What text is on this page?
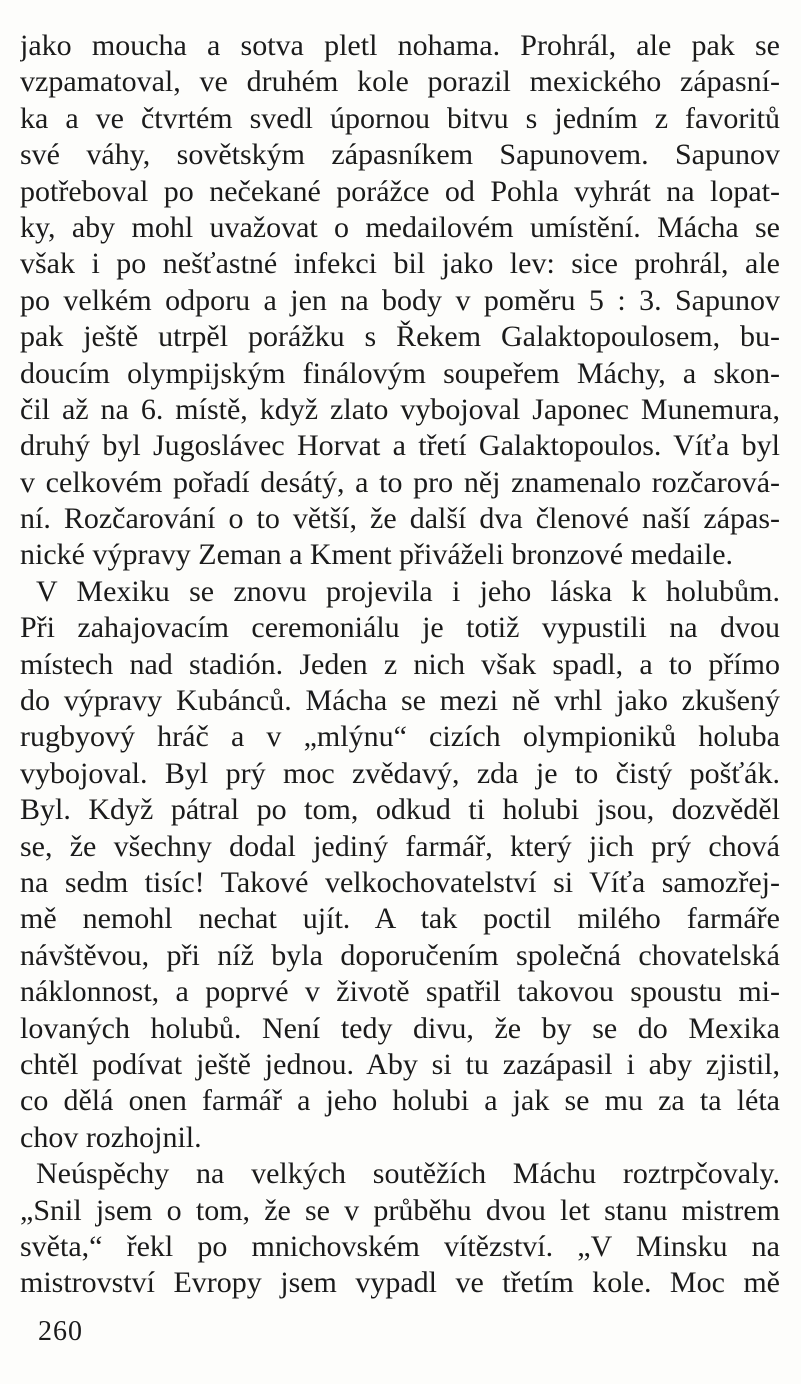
jako moucha a sotva pletl nohama. Prohrál, ale pak se
vzpamatoval, ve druhém kole porazil mexického zápasní-
ka a ve čtvrtém svedl úpornou bitvu s jedním z favoritů
své váhy, sovětským zápasníkem Sapunovem. Sapunov
potřeboval po nečekané porážce od Pohla vyhrát na lopat-
ky, aby mohl uvažovat o medailovém umístění. Mácha se
však i po nešťastné infekci bil jako lev: sice prohrál, ale
po velkém odporu a jen na body v poměru 5 : 3. Sapunov
pak ještě utrpěl porážku s Řekem Galaktopoulosem, bu-
doucím olympijským finálovým soupeřem Máchy, a skon-
čil až na 6. místě, když zlato vybojoval Japonec Munemura,
druhý byl Jugoslávec Horvat a třetí Galaktopoulos. Víťa byl
v celkovém pořadí desátý, a to pro něj znamenalo rozčarová-
ní. Rozčarování o to větší, že další dva členové naší zápas-
nické výpravy Zeman a Kment přiváželi bronzové medaile.
V Mexiku se znovu projevila i jeho láska k holubům.
Při zahajovacím ceremoniálu je totiž vypustili na dvou
místech nad stadión. Jeden z nich však spadl, a to přímo
do výpravy Kubánců. Mácha se mezi ně vrhl jako zkušený
rugbyový hráč a v „mlýnu“ cizích olympioniků holuba
vybojoval. Byl prý moc zvědavý, zda je to čistý pošťák.
Byl. Když pátral po tom, odkud ti holubi jsou, dozvěděl
se, že všechny dodal jediný farmář, který jich prý chová
na sedm tisíc! Takové velkochovatelství si Víťa samozřej-
mě nemohl nechat ujít. A tak poctil milého farmáře
návštěvou, při níž byla doporučením společná chovatelská
náklonnost, a poprvé v životě spatřil takovou spoustu mi-
lovaných holubů. Není tedy divu, že by se do Mexika
chtěl podívat ještě jednou. Aby si tu zazápasil i aby zjistil,
co dělá onen farmář a jeho holubi a jak se mu za ta léta
chov rozhojnil.
Neúspěchy na velkých soutěžích Máchu roztrpčovaly.
„Snil jsem o tom, že se v průběhu dvou let stanu mistrem
světa,“ řekl po mnichovském vítězství. „V Minsku na
mistrovství Evropy jsem vypadl ve třetím kole. Moc mě
260
